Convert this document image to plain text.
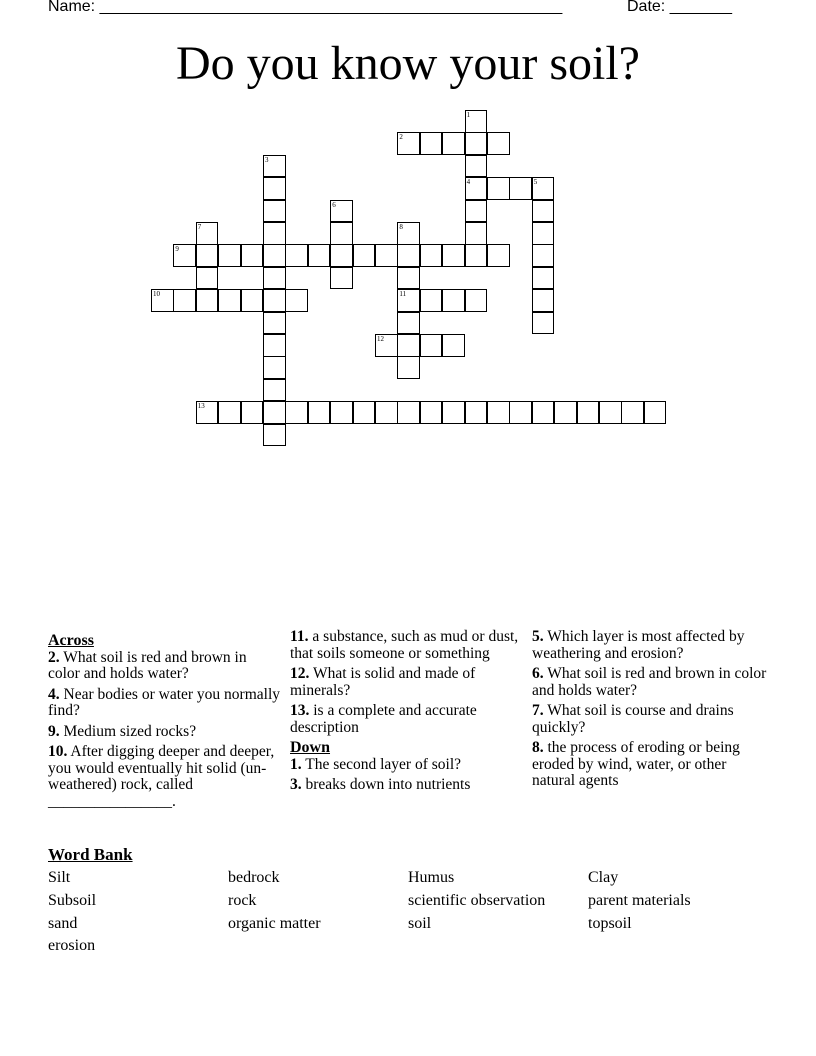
Name: ____________________________________________________	Date: _______
Do you know your soil?
1
4
2
3
5
6
7	8
11
9
10
12
13
Across
2. What soil is red and brown in color and holds water?
4. Near bodies or water you normally find?
9. Medium sized rocks?
10. After digging deeper and deeper, you would eventually hit solid (un-weathered) rock, called ________________.
11. a substance, such as mud or dust, that soils someone or something
12. What is solid and made of minerals?
13. is a complete and accurate description
Down
1. The second layer of soil?
3. breaks down into nutrients
5. Which layer is most affected by weathering and erosion?
6. What soil is red and brown in color and holds water?
7. What soil is course and drains quickly?
8. the process of eroding or being eroded by wind, water, or other natural agents
Word Bank
Silt	bedrock	Humus	Clay
Subsoil	rock	scientific observation	parent materials
sand	organic matter	soil	topsoil
erosion
